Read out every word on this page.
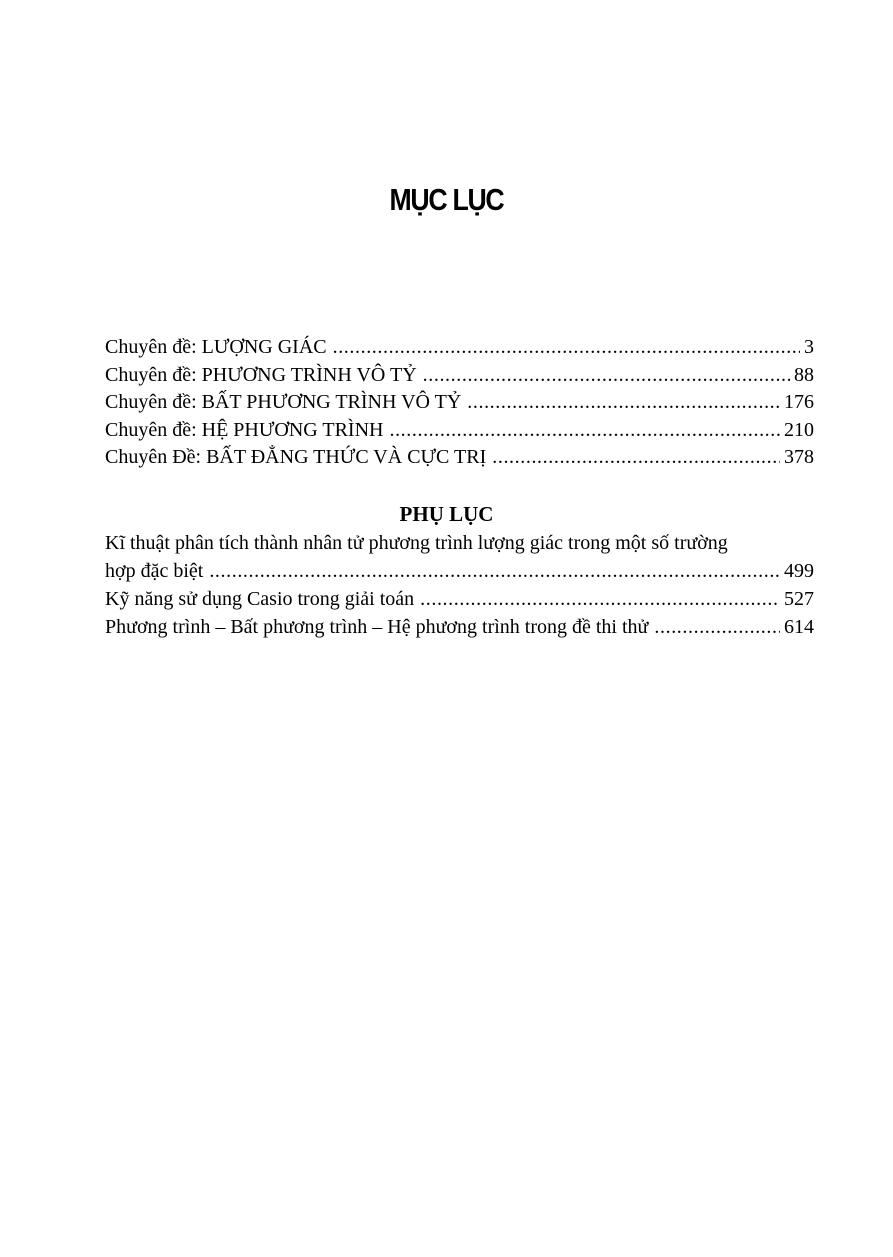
MỤC LỤC
Chuyên đề: LƯỢNG GIÁC .....	3
Chuyên đề: PHƯƠNG TRÌNH VÔ TỶ .....	88
Chuyên đề: BẤT PHƯƠNG TRÌNH VÔ TỶ .....	176
Chuyên đề: HỆ PHƯƠNG TRÌNH .....	210
Chuyên Đề: BẤT ĐẲNG THỨC VÀ CỰC TRỊ .....	378
PHỤ LỤC
Kĩ thuật phân tích thành nhân tử phương trình lượng giác trong một số trường
hợp đặc biệt .....	499
Kỹ năng sử dụng Casio trong giải toán .....	527
Phương trình – Bất phương trình – Hệ phương trình trong đề thi thử .....	614
